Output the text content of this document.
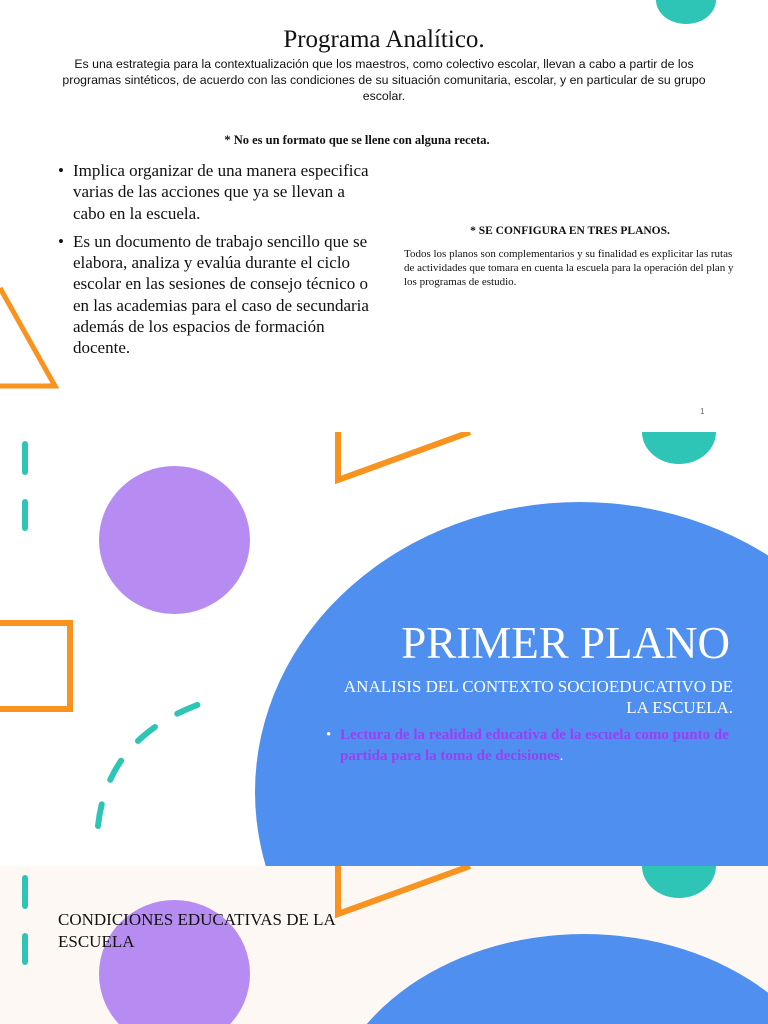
Programa Analítico.
Es una estrategia para la contextualización que los maestros, como colectivo escolar, llevan a cabo a partir de los programas sintéticos, de acuerdo con las condiciones de su situación comunitaria, escolar, y en particular de su grupo escolar.
* No es un formato que se llene con alguna receta.
• Implica organizar de una manera especifica varias de las acciones que ya se llevan a cabo en la escuela.
• Es un documento de trabajo sencillo que se elabora, analiza y evalúa durante el ciclo escolar en las sesiones de consejo técnico o en las academias para el caso de secundaria además de los espacios de formación docente.
* SE CONFIGURA EN TRES PLANOS.
Todos los planos son complementarios y su finalidad es explicitar las rutas de actividades que tomara en cuenta la escuela para la operación del plan y los programas de estudio.
1
PRIMER PLANO
ANALISIS DEL CONTEXTO SOCIOEDUCATIVO DE LA ESCUELA.
• Lectura de la realidad educativa de la escuela como punto de partida para la toma de decisiones.
CONDICIONES EDUCATIVAS DE LA ESCUELA
